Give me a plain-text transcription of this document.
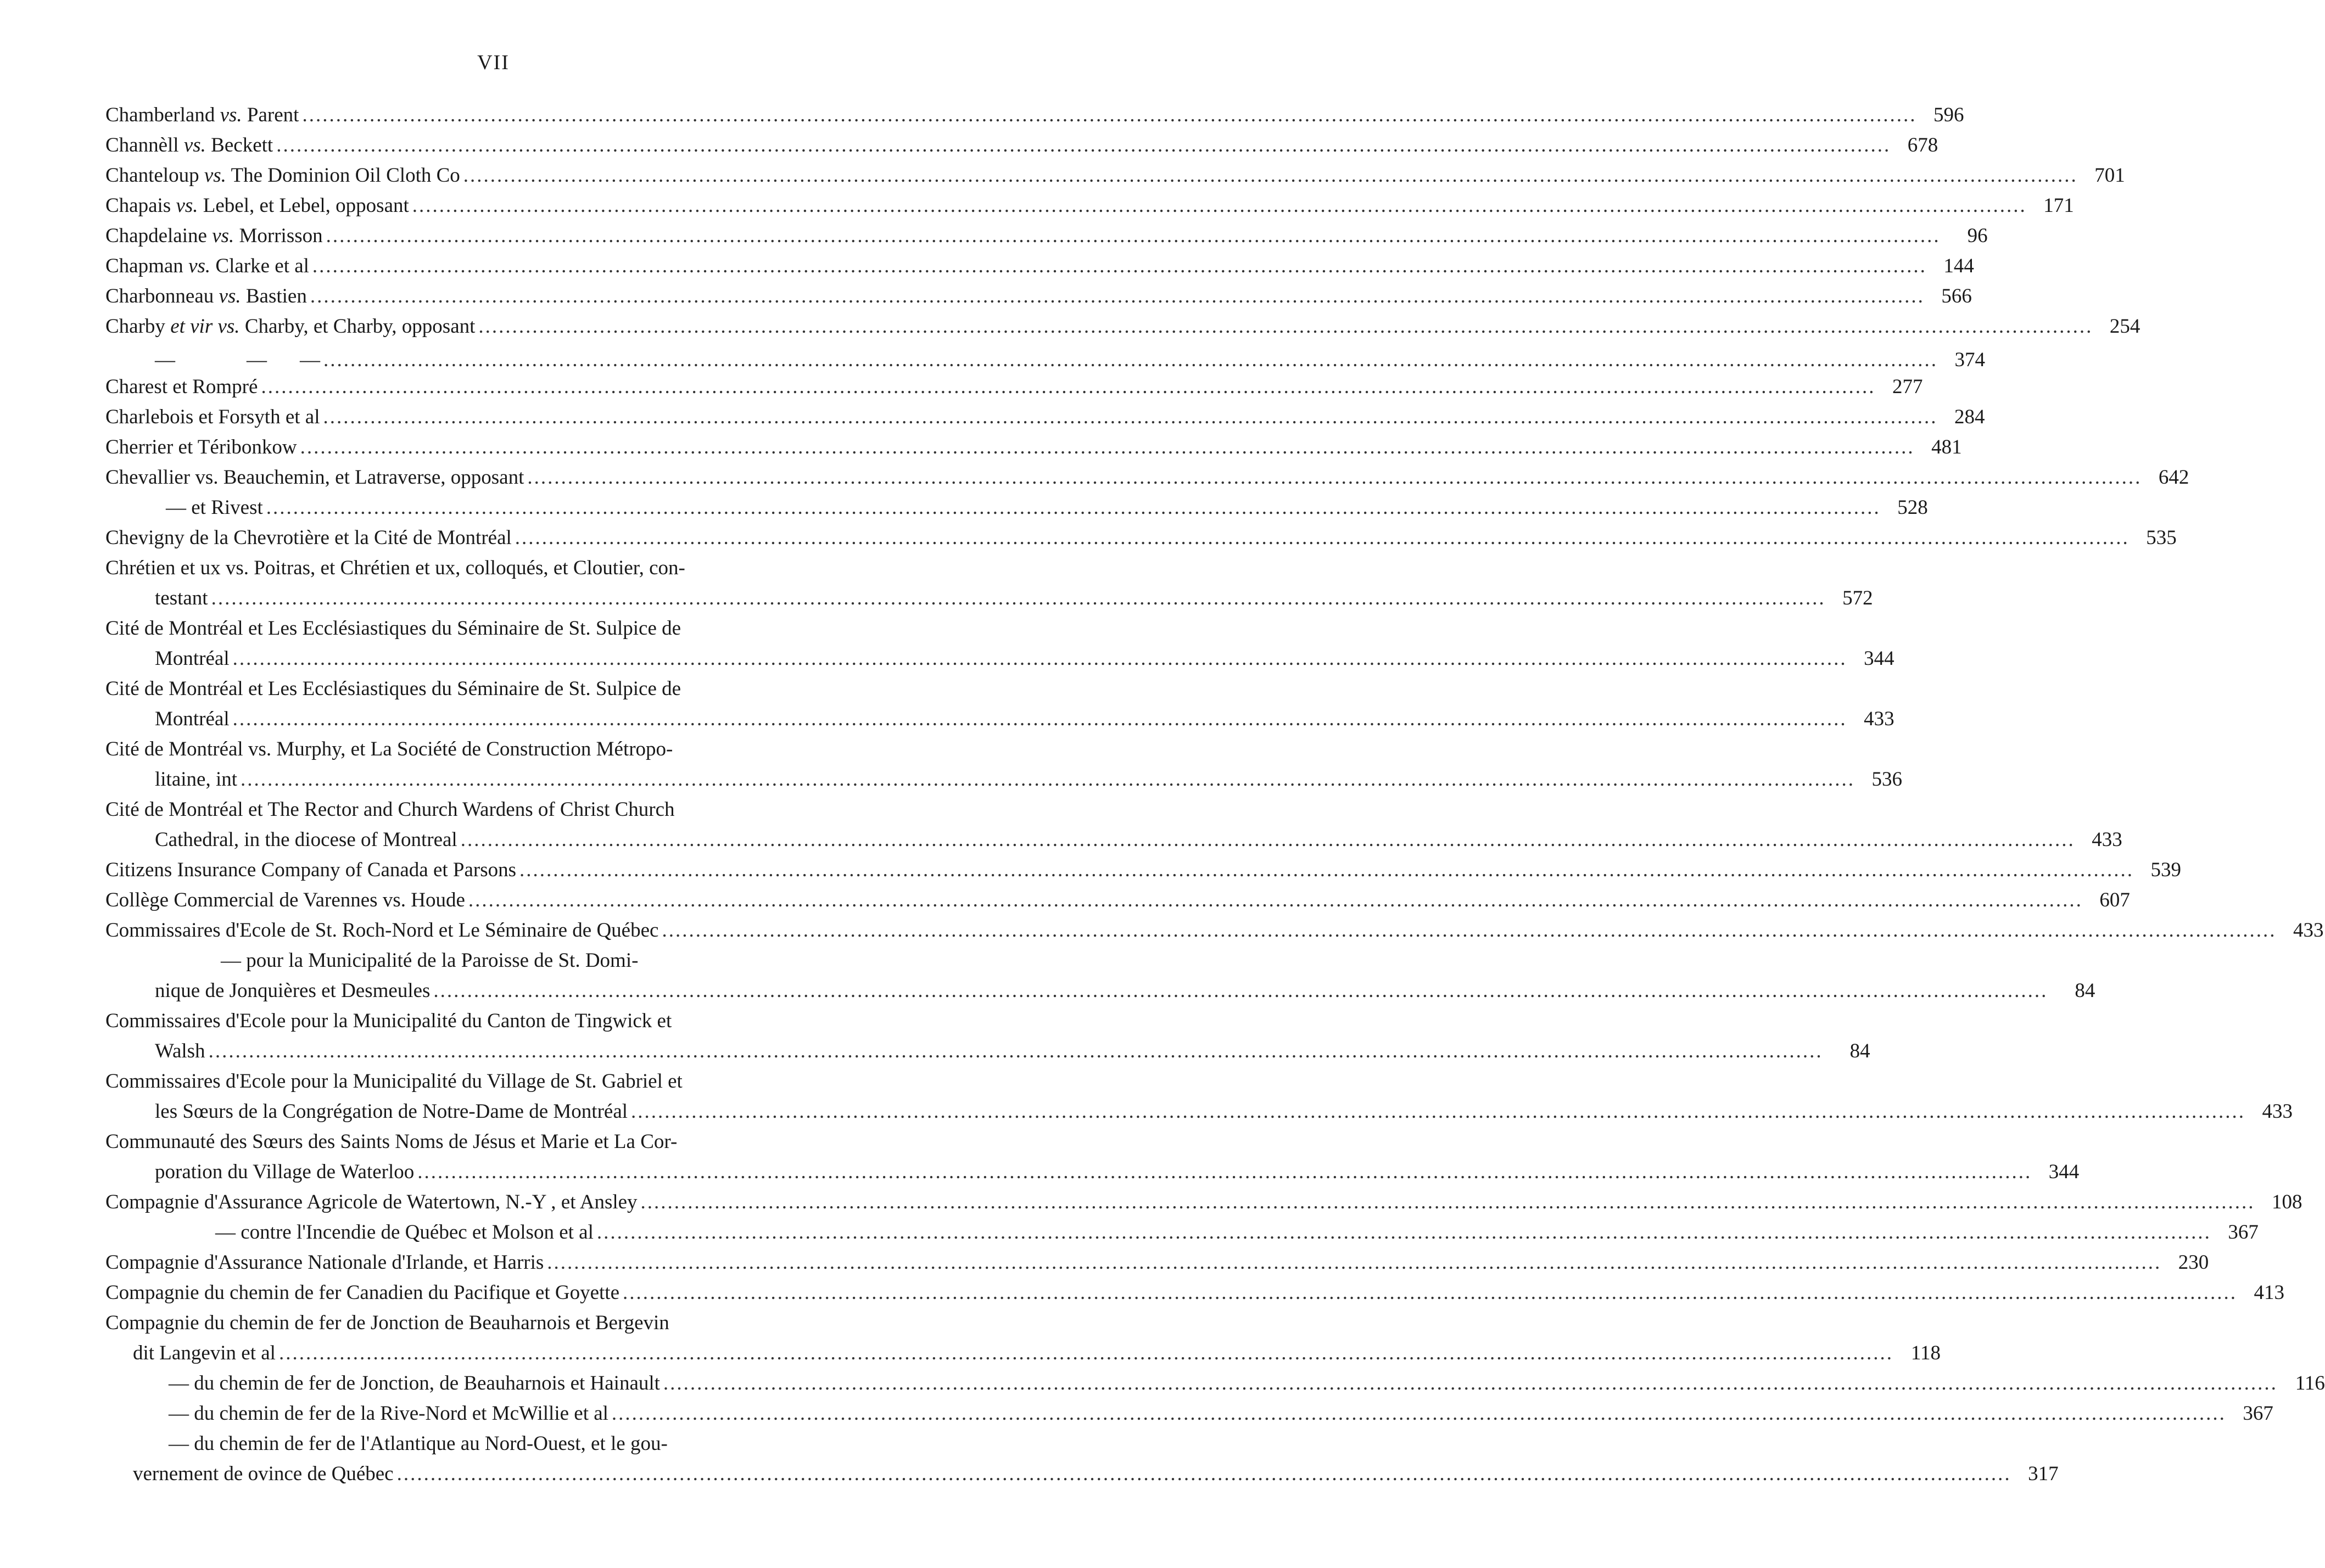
VII
Chamberland vs. Parent .....	596
Channèll vs. Beckett .....	678
Chanteloup vs. The Dominion Oil Cloth Co .....	701
Chapais vs. Lebel, et Lebel, opposant .....	171
Chapdelaine vs. Morrisson .....	96
Chapman vs. Clarke et al .....	144
Charbonneau vs. Bastien .....	566
Charby et vir vs. Charby, et Charby, opposant .....	254
—	— — .....	374
Charest et Rompré .....	277
Charlebois et Forsyth et al .....	284
Cherrier et Téribonkow .....	481
Chevallier vs. Beauchemin, et Latraverse, opposant .....	642
— et Rivest .....	528
Chevigny de la Chevrotière et la Cité de Montréal .....	535
Chrétien et ux vs. Poitras, et Chrétien et ux, colloqués, et Cloutier, con-
testant .....	572
Cité de Montréal et Les Ecclésiastiques du Séminaire de St. Sulpice de
Montréal .....	344
Cité de Montréal et Les Ecclésiastiques du Séminaire de St. Sulpice de
Montréal .....	433
Cité de Montréal vs. Murphy, et La Société de Construction Métropo-
litaine, int .....	536
Cité de Montréal et The Rector and Church Wardens of Christ Church
Cathedral, in the diocese of Montreal .....	433
Citizens Insurance Company of Canada et Parsons .....	539
Collège Commercial de Varennes vs. Houde .....	607
Commissaires d'Ecole de St. Roch-Nord et Le Séminaire de Québec .....	433
— pour la Municipalité de la Paroisse de St. Domi-
nique de Jonquières et Desmeules .....	84
Commissaires d'Ecole pour la Municipalité du Canton de Tingwick et
Walsh .....	84
Commissaires d'Ecole pour la Municipalité du Village de St. Gabriel et
les Sœurs de la Congrégation de Notre-Dame de Montréal .....	433
Communauté des Sœurs des Saints Noms de Jésus et Marie et La Cor-
poration du Village de Waterloo .....	344
Compagnie d'Assurance Agricole de Watertown, N.-Y , et Ansley .....	108
— contre l'Incendie de Québec et Molson et al .....	367
Compagnie d'Assurance Nationale d'Irlande, et Harris .....	230
Compagnie du chemin de fer Canadien du Pacifique et Goyette .....	413
Compagnie du chemin de fer de Jonction de Beauharnois et Bergevin
dit Langevin et al .....	118
— du chemin de fer de Jonction, de Beauharnois et Hainault .....	116
— du chemin de fer de la Rive-Nord et McWillie et al .....	367
— du chemin de fer de l'Atlantique au Nord-Ouest, et le gou-
vernement de ovince de Québec .....	317
